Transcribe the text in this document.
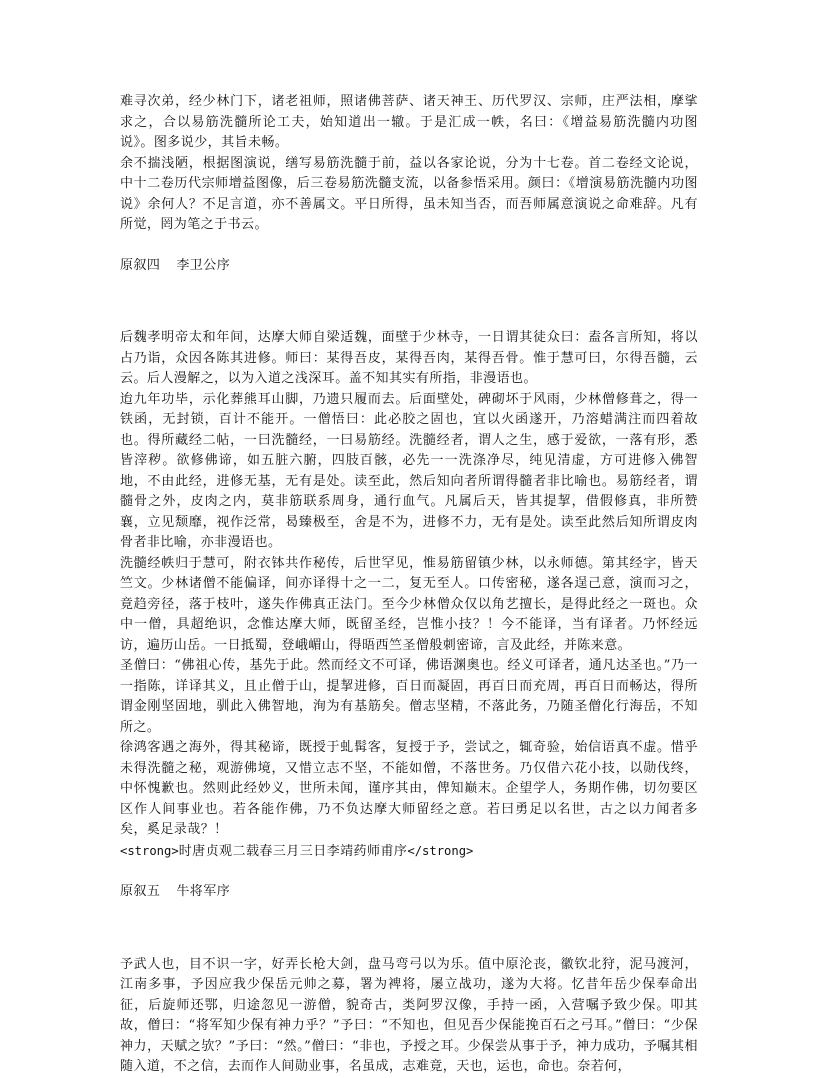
难寻次弟，经少林门下，诸老祖师，照诸佛菩萨、诸天神王、历代罗汉、宗师，庄严法相，摩挲求之，合以易筋洗髓所论工夫，始知道出一辙。于是汇成一帙，名曰：《增益易筋洗髓内功图说》。图多说少，其旨未畅。

余不揣浅陋，根据图演说，缮写易筋洗髓于前，益以各家论说，分为十七卷。首二卷经文论说，中十二卷历代宗师增益图像，后三卷易筋洗髓支流，以备参悟采用。颜曰：《增演易筋洗髓内功图说》余何人？不足言道，亦不善属文。平日所得，虽未知当否，而吾师属意演说之命难辞。凡有所觉，罔为笔之于书云。

原叙四 李卫公序

后魏孝明帝太和年间，达摩大师自梁适魏，面壁于少林寺，一日谓其徒众曰：盍各言所知，将以占乃诣，众因各陈其进修。师曰：某得吾皮，某得吾肉，某得吾骨。惟于慧可曰，尔得吾髓，云云。后人漫解之，以为入道之浅深耳。盖不知其实有所指，非漫语也。

迨九年功毕，示化葬熊耳山脚，乃遗只履而去。后面壁处，碑砌坏于风雨，少林僧修葺之，得一铁函，无封锁，百计不能开。一僧悟曰：此必胶之固也，宜以火函遂开，乃溶蜡满注而四着故也。得所藏经二帖，一曰洗髓经，一曰易筋经。洗髓经者，谓人之生，感于爱欲，一落有形，悉皆滓秽。欲修佛谛，如五脏六腑，四肢百骸，必先一一洗涤净尽，纯见清虚，方可进修入佛智地，不由此经，进修无基，无有是处。读至此，然后知向者所谓得髓者非比喻也。易筋经者，谓髓骨之外，皮肉之内，莫非筋联系周身，通行血气。凡属后天，皆其提挈，借假修真，非所赞襄，立见颓靡，视作泛常，曷臻极至，舍是不为，进修不力，无有是处。读至此然后知所谓皮肉骨者非比喻，亦非漫语也。

洗髓经帙归于慧可，附衣钵共作秘传，后世罕见，惟易筋留镇少林，以永师德。第其经字，皆天竺文。少林诸僧不能偏译，间亦译得十之一二，复无至人。口传密秘，遂各逞己意，演而习之，竟趋旁径，落于枝叶，遂失作佛真正法门。至今少林僧众仅以角艺擅长，是得此经之一斑也。众中一僧，具超绝识，念惟达摩大师，既留圣经，岂惟小技？！今不能译，当有译者。乃怀经远访，遍历山岳。一日抵蜀，登峨嵋山，得晤西竺圣僧般刺密谛，言及此经，并陈来意。

圣僧曰：“佛祖心传，基先于此。然而经文不可译，佛语渊奥也。经义可译者，通凡达圣也。”乃一一指陈，详译其义，且止僧于山，提挈进修，百日而凝固，再百日而充周，再百日而畅达，得所谓金刚坚固地，驯此入佛智地，洵为有基筋矣。僧志坚精，不落此务，乃随圣僧化行海岳，不知所之。

徐鸿客遇之海外，得其秘谛，既授于虬髯客，复授于予，尝试之，辄奇验，始信语真不虚。惜乎未得洗髓之秘，观游佛境，又惜立志不坚，不能如僧，不落世务。乃仅借六花小技，以勋伐终，中怀愧歉也。然则此经妙义，世所未闻，谨序其由，俾知巅末。企望学人，务期作佛，切勿要区区作人间事业也。若各能作佛，乃不负达摩大师留经之意。若曰勇足以名世，古之以力闻者多矣，奚足录哉？！

<strong>时唐贞观二载春三月三日李靖药师甫序</strong>

原叙五 牛将军序

予武人也，目不识一字，好弄长枪大剑，盘马弯弓以为乐。值中原沦丧，徽钦北狩，泥马渡河，江南多事，予因应我少保岳元帅之募，署为裨将，屡立战功，遂为大将。忆昔年岳少保奉命出征，后旋师还鄂，归途忽见一游僧，貌奇古，类阿罗汉像，手持一函，入营嘱予致少保。叩其故，僧曰：“将军知少保有神力乎？”予曰：“不知也，但见吾少保能挽百石之弓耳。”僧曰：“少保神力，天赋之欤？”予曰：“然。”僧曰：“非也，予授之耳。少保尝从事于予，神力成功，予嘱其相随入道，不之信，去而作人间勋业事，名虽成，志难竟，天也，运也，命也。奈若何，
